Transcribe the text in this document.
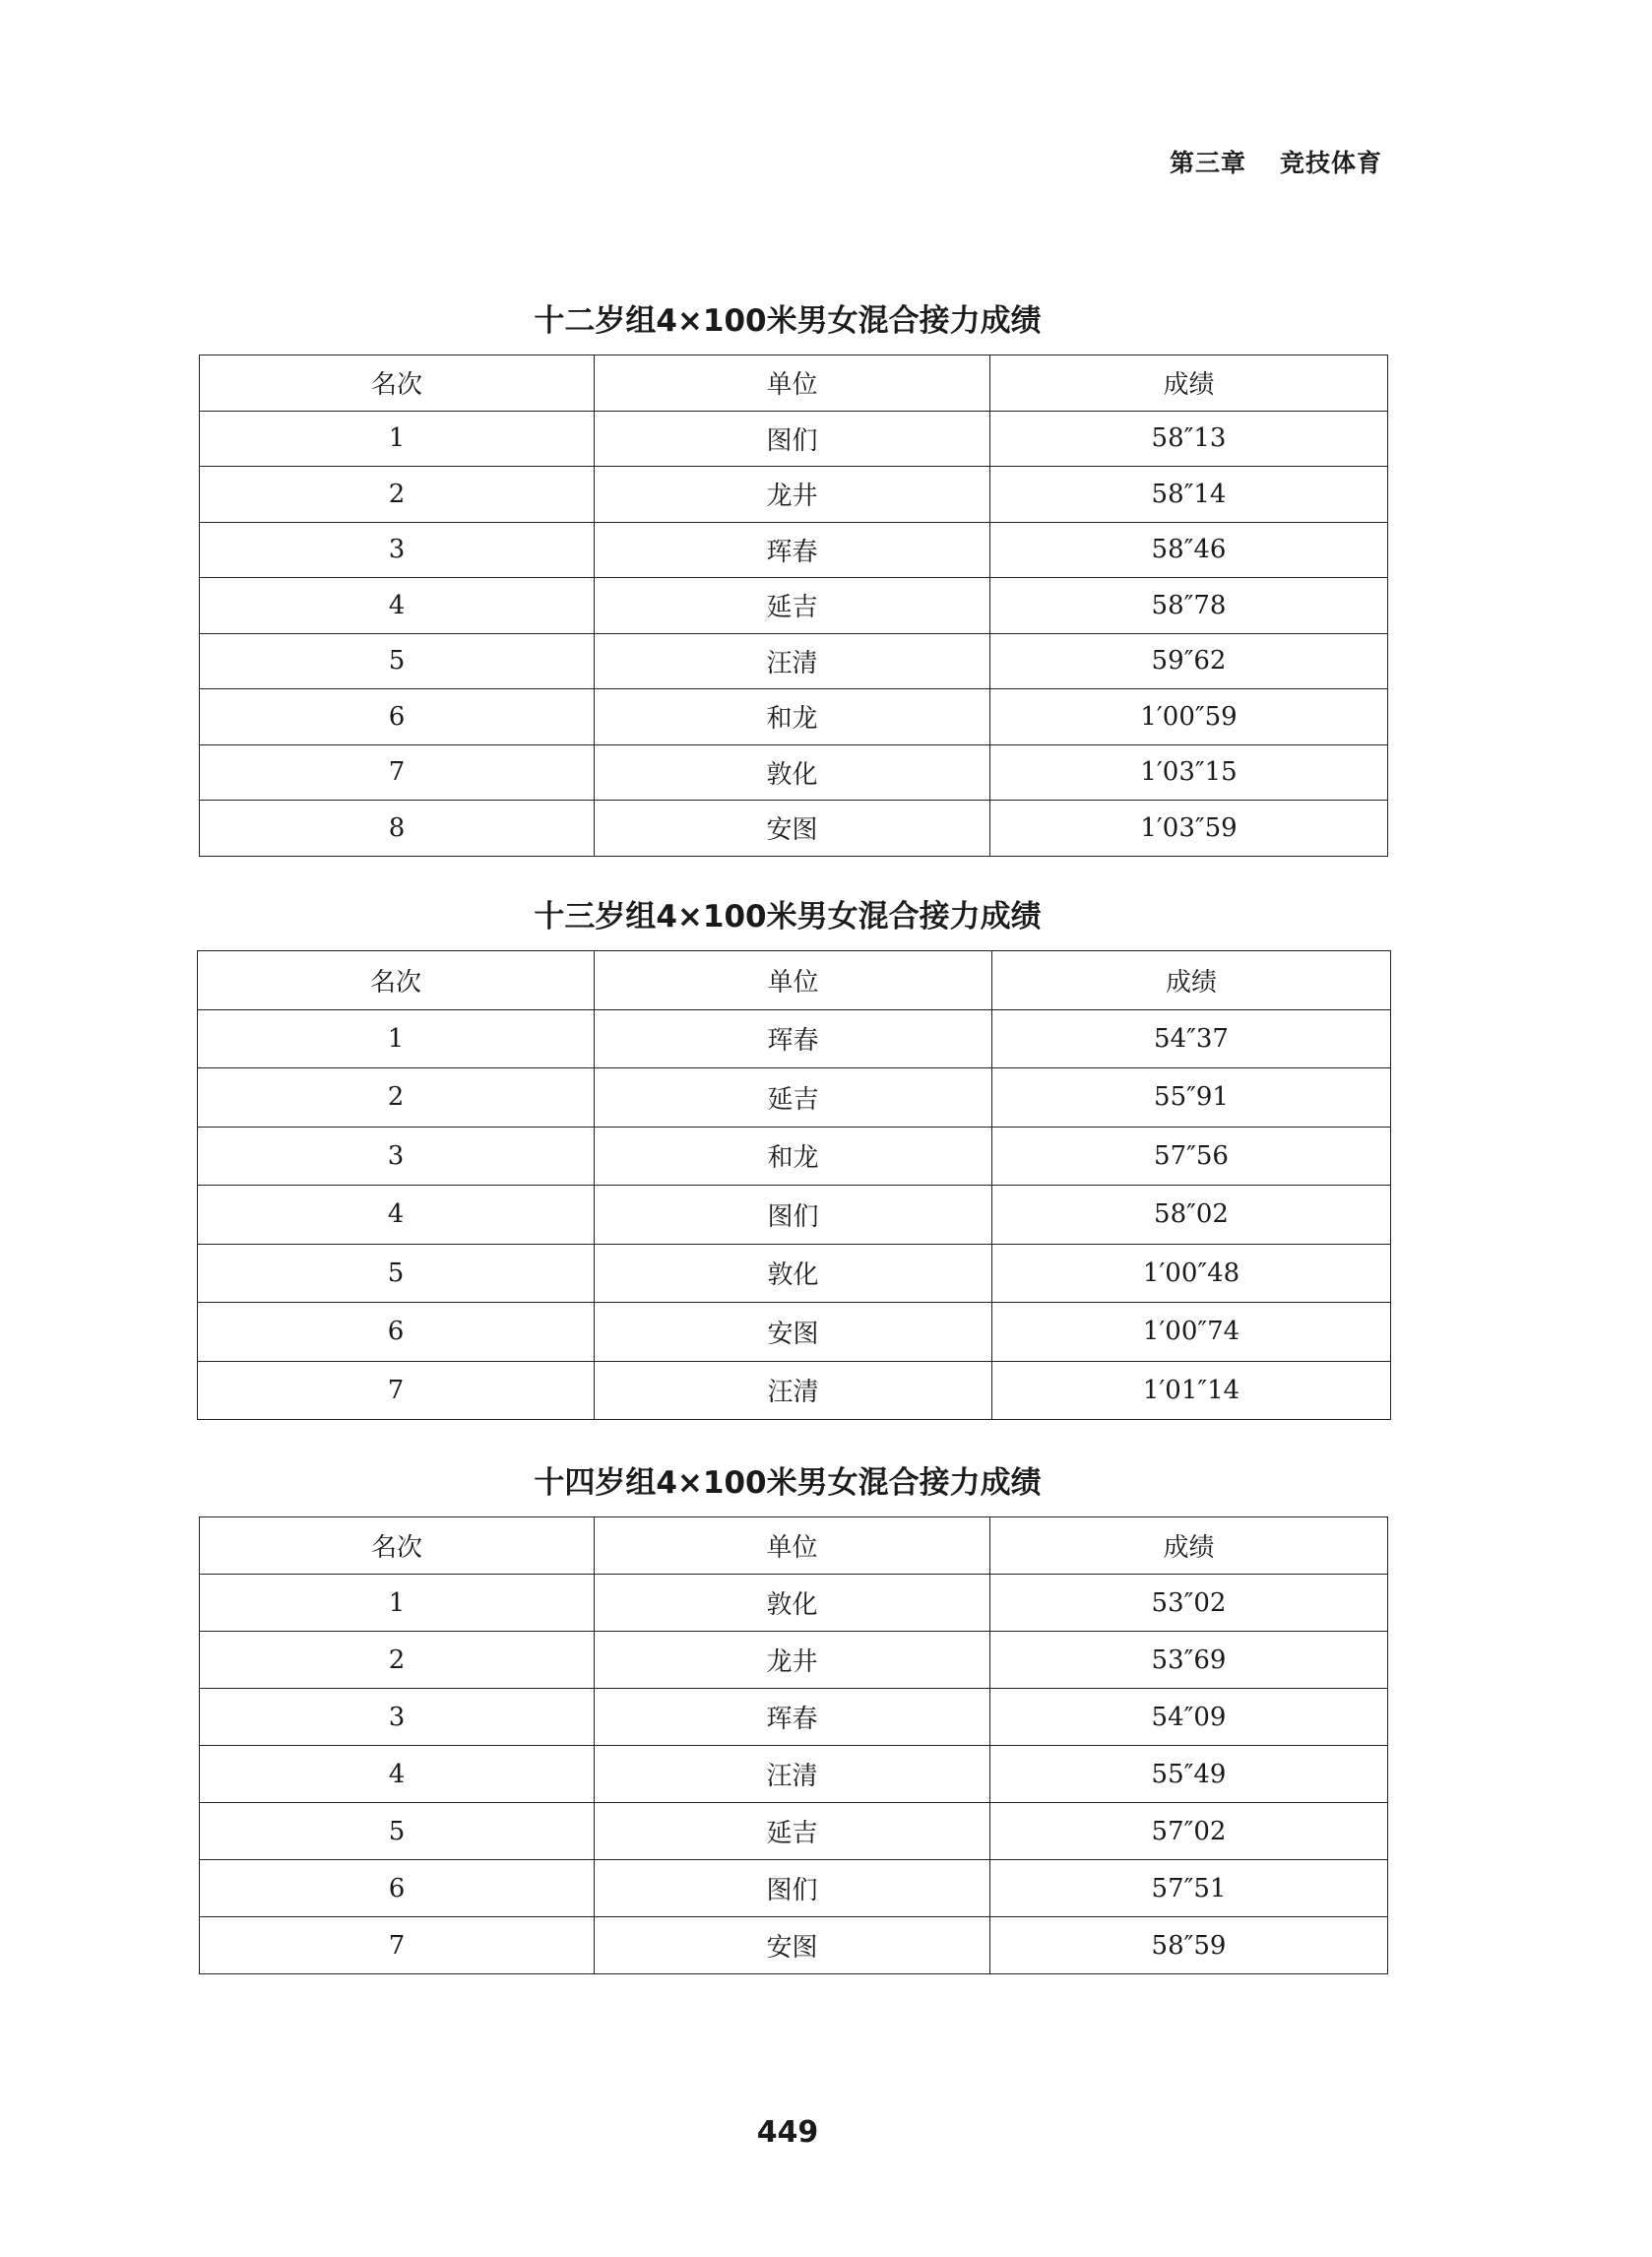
第三章 竞技体育
十二岁组4×100米男女混合接力成绩
名次	单位	成绩
1	图们	58″13
2	龙井	58″14
3	珲春	58″46
4	延吉	58″78
5	汪清	59″62
6	和龙	1′00″59
7	敦化	1′03″15
8	安图	1′03″59
十三岁组4×100米男女混合接力成绩
名次	单位	成绩
1	珲春	54″37
2	延吉	55″91
3	和龙	57″56
4	图们	58″02
5	敦化	1′00″48
6	安图	1′00″74
7	汪清	1′01″14
十四岁组4×100米男女混合接力成绩
名次	单位	成绩
1	敦化	53″02
2	龙井	53″69
3	珲春	54″09
4	汪清	55″49
5	延吉	57″02
6	图们	57″51
7	安图	58″59
449
